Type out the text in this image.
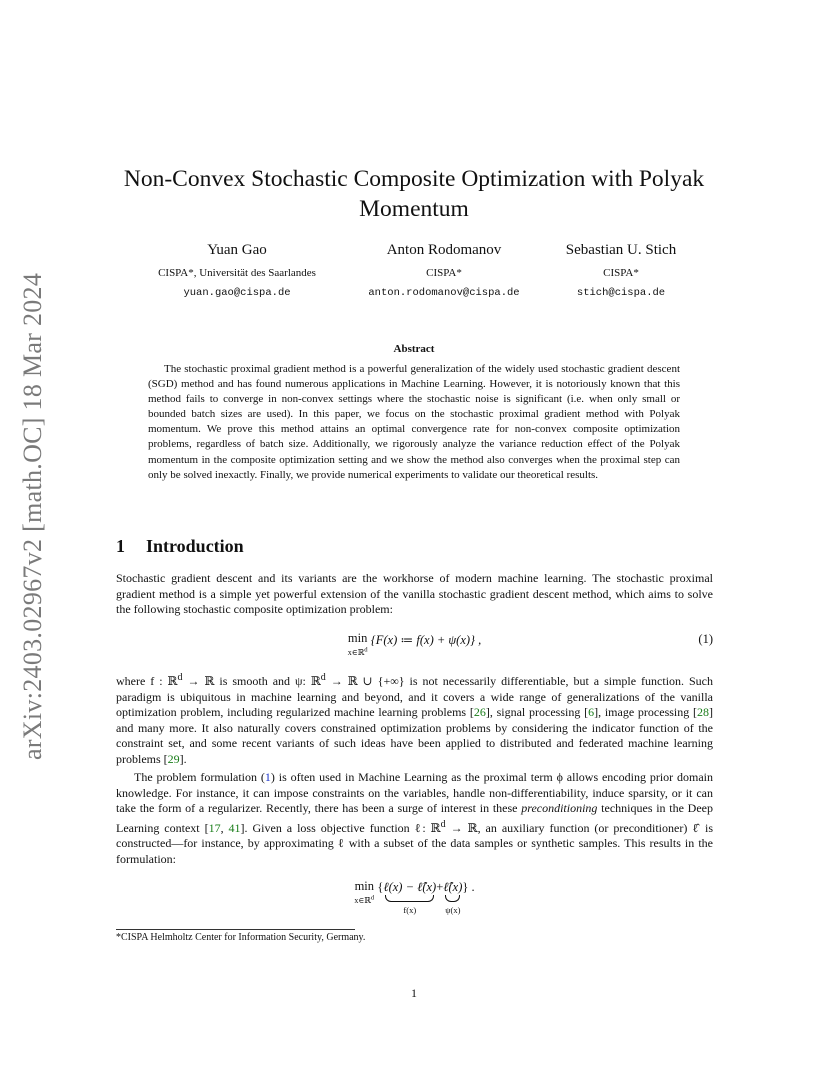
arXiv:2403.02967v2 [math.OC] 18 Mar 2024
Non-Convex Stochastic Composite Optimization with Polyak
Momentum
Yuan Gao
CISPA*, Universität des Saarlandes
yuan.gao@cispa.de
Anton Rodomanov
CISPA*
anton.rodomanov@cispa.de
Sebastian U. Stich
CISPA*
stich@cispa.de
Abstract

The stochastic proximal gradient method is a powerful generalization of the widely used stochastic gradient descent (SGD) method and has found numerous applications in Machine Learning. However, it is notoriously known that this method fails to converge in non-convex settings where the stochastic noise is significant (i.e. when only small or bounded batch sizes are used). In this paper, we focus on the stochastic proximal gradient method with Polyak momentum. We prove this method attains an optimal convergence rate for non-convex composite optimization problems, regardless of batch size. Additionally, we rigorously analyze the variance reduction effect of the Polyak momentum in the composite optimization setting and we show the method also converges when the proximal step can only be solved inexactly. Finally, we provide numerical experiments to validate our theoretical results.

1 Introduction

Stochastic gradient descent and its variants are the workhorse of modern machine learning. The stochastic proximal gradient method is a simple yet powerful extension of the vanilla stochastic gradient descent method, which aims to solve the following stochastic composite optimization problem:

min
x∈ℝ$^d$ {F(x) ≔ f(x) + ψ(x)} ,	(1)

where f : ℝ$^d$ → ℝ is smooth and ψ: ℝ$^d$ → ℝ ∪ {+∞} is not necessarily differentiable, but a simple function. Such paradigm is ubiquitous in machine learning and beyond, and it covers a wide range of generalizations of the vanilla optimization problem, including regularized machine learning problems [26], signal processing [6], image processing [28] and many more. It also naturally covers constrained optimization problems by considering the indicator function of the constraint set, and some recent variants of such ideas have been applied to distributed and federated machine learning problems [29].

The problem formulation (1) is often used in Machine Learning as the proximal term ϕ allows encoding prior domain knowledge. For instance, it can impose constraints on the variables, handle non-differentiability, induce sparsity, or it can take the form of a regularizer. Recently, there has been a surge of interest in these preconditioning techniques in the Deep Learning context [17, 41]. Given a loss objective function ℓ: ℝ$^d$ → ℝ, an auxiliary function (or preconditioner) ℓ̂ is constructed—for instance, by approximating ℓ with a subset of the data samples or synthetic samples. This results in the formulation:

min
x∈ℝ$^d$ {ℓ(x) − ℓ̂(x)
f(x)
+ℓ̂(x)
ψ(x)
} .
*CISPA Helmholtz Center for Information Security, Germany.
1
